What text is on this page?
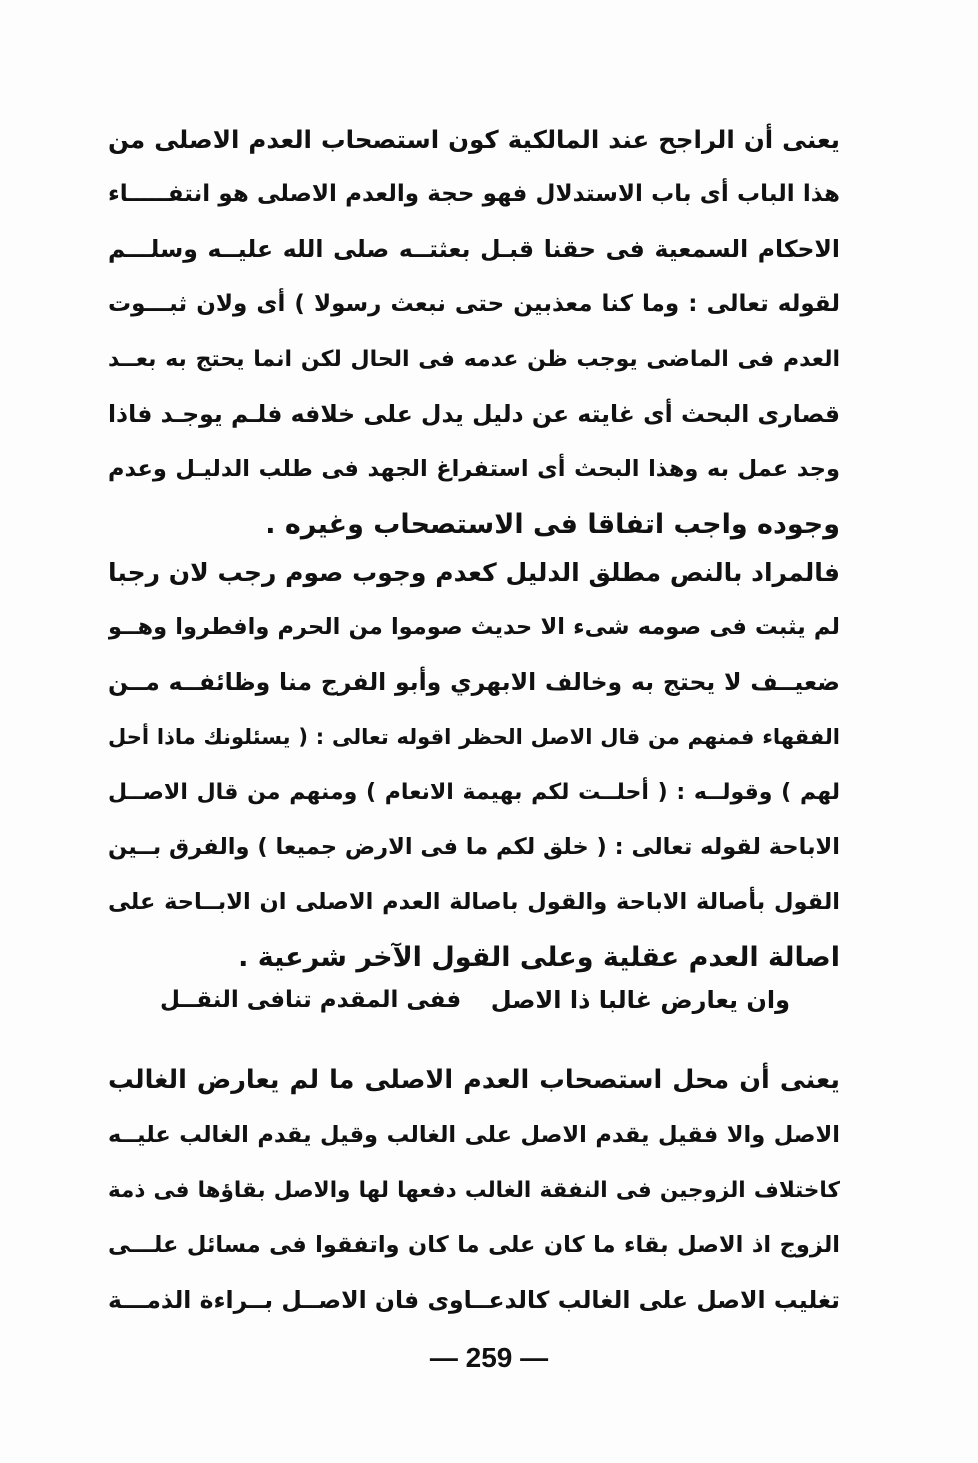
يعنى أن الراجح عند المالكية كون استصحاب العدم الاصلى من
هذا الباب أى باب الاستدلال فهو حجة والعدم الاصلى هو انتفـــــاء
الاحكام السمعية فى حقنا قبـل بعثتــه صلى الله عليــه وسلـــم
لقوله تعالى : وما كنا معذبين حتى نبعث رسولا ) أى ولان ثبـــوت
العدم فى الماضى يوجب ظن عدمه فى الحال لكن انما يحتج به بعــد
قصارى البحث أى غايته عن دليل يدل على خلافه فلـم يوجـد فاذا
وجد عمل به وهذا البحث أى استفراغ الجهد فى طلب الدليـل وعدم
وجوده واجب اتفاقا فى الاستصحاب وغيره .
فالمراد بالنص مطلق الدليل كعدم وجوب صوم رجب لان رجبا
لم يثبت فى صومه شىء الا حديث صوموا من الحرم وافطروا وهــو
ضعيــف لا يحتج به وخالف الابهري وأبو الفرج منا وظائفــه مــن
الفقهاء فمنهم من قال الاصل الحظر اقوله تعالى : ( يسئلونك ماذا أحل
لهم ) وقولــه : ( أحلــت لكم بهيمة الانعام ) ومنهم من قال الاصــل
الاباحة لقوله تعالى : ( خلق لكم ما فى الارض جميعا ) والفرق بــين
القول بأصالة الاباحة والقول باصالة العدم الاصلى ان الابــاحة على
اصالة العدم عقلية وعلى القول الآخر شرعية .
وان يعارض غالبا ذا الاصل
ففى المقدم تنافى النقــل
يعنى أن محل استصحاب العدم الاصلى ما لم يعارض الغالب
الاصل والا فقيل يقدم الاصل على الغالب وقيل يقدم الغالب عليــه
كاختلاف الزوجين فى النفقة الغالب دفعها لها والاصل بقاؤها فى ذمة
الزوج اذ الاصل بقاء ما كان على ما كان واتفقوا فى مسائل علـــى
تغليب الاصل على الغالب كالدعــاوى فان الاصــل بــراءة الذمـــة
— 259 —
